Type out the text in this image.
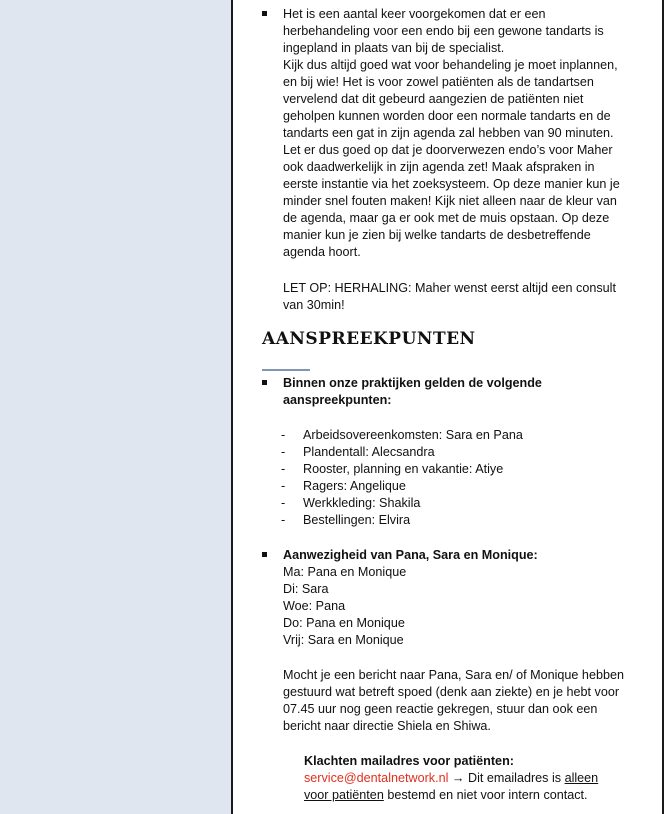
Het is een aantal keer voorgekomen dat er een

herbehandeling voor een endo bij een gewone tandarts is

ingepland in plaats van bij de specialist.

Kijk dus altijd goed wat voor behandeling je moet inplannen,

en bij wie! Het is voor zowel patiënten als de tandartsen

vervelend dat dit gebeurd aangezien de patiënten niet

geholpen kunnen worden door een normale tandarts en de

tandarts een gat in zijn agenda zal hebben van 90 minuten.

Let er dus goed op dat je doorverwezen endo’s voor Maher

ook daadwerkelijk in zijn agenda zet! Maak afspraken in

eerste instantie via het zoeksysteem. Op deze manier kun je

minder snel fouten maken! Kijk niet alleen naar de kleur van

de agenda, maar ga er ook met de muis opstaan. Op deze

manier kun je zien bij welke tandarts de desbetreffende

agenda hoort.

LET OP: HERHALING: Maher wenst eerst altijd een consult

van 30min!

AANSPREEKPUNTEN

Binnen onze praktijken gelden de volgende

aanspreekpunten:

- Arbeidsovereenkomsten: Sara en Pana
- Plandentall: Alecsandra
- Rooster, planning en vakantie: Atiye
- Ragers: Angelique
- Werkkleding: Shakila
- Bestellingen: Elvira

Aanwezigheid van Pana, Sara en Monique:

Ma: Pana en Monique

Di: Sara

Woe: Pana

Do: Pana en Monique

Vrij: Sara en Monique

Mocht je een bericht naar Pana, Sara en/ of Monique hebben

gestuurd wat betreft spoed (denk aan ziekte) en je hebt voor

07.45 uur nog geen reactie gekregen, stuur dan ook een

bericht naar directie Shiela en Shiwa.

Klachten mailadres voor patiënten:

service@dentalnetwork.nl → Dit emailadres is alleen

voor patiënten bestemd en niet voor intern contact.
